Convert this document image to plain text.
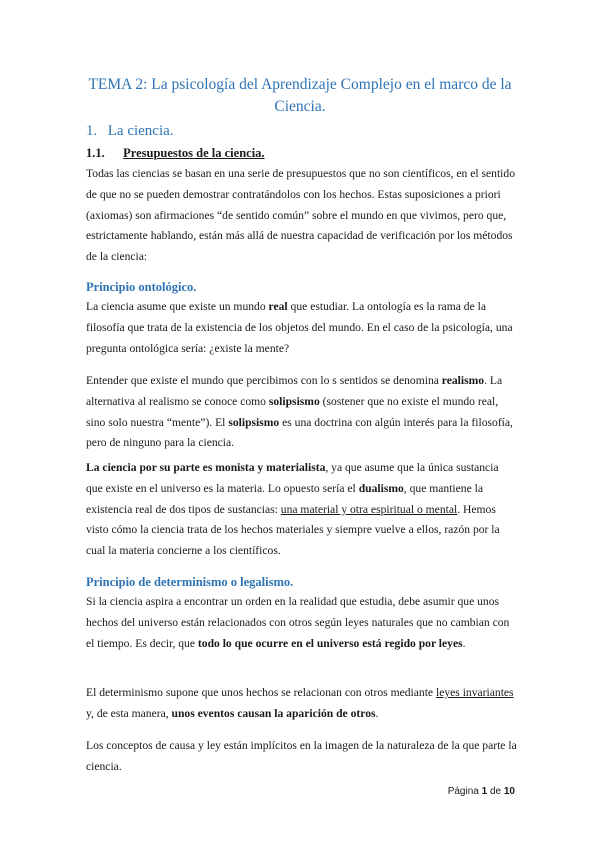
TEMA 2: La psicología del Aprendizaje Complejo en el marco de la Ciencia.
1. La ciencia.
1.1. Presupuestos de la ciencia.
Todas las ciencias se basan en una serie de presupuestos que no son científicos, en el sentido de que no se pueden demostrar contratándolos con los hechos. Estas suposiciones a priori (axiomas) son afirmaciones “de sentido común” sobre el mundo en que vivimos, pero que, estrictamente hablando, están más allá de nuestra capacidad de verificación por los métodos de la ciencia:
Principio ontológico.
La ciencia asume que existe un mundo real que estudiar. La ontología es la rama de la filosofía que trata de la existencia de los objetos del mundo. En el caso de la psicología, una pregunta ontológica sería: ¿existe la mente?
Entender que existe el mundo que percibimos con lo s sentidos se denomina realismo. La alternativa al realismo se conoce como solipsismo (sostener que no existe el mundo real, sino solo nuestra “mente”). El solipsismo es una doctrina con algún interés para la filosofía, pero de ninguno para la ciencia.
La ciencia por su parte es monista y materialista, ya que asume que la única sustancia que existe en el universo es la materia. Lo opuesto sería el dualismo, que mantiene la existencia real de dos tipos de sustancias: una material y otra espiritual o mental. Hemos visto cómo la ciencia trata de los hechos materiales y siempre vuelve a ellos, razón por la cual la materia concierne a los científicos.
Principio de determinismo o legalismo.
Si la ciencia aspira a encontrar un orden en la realidad que estudia, debe asumir que unos hechos del universo están relacionados con otros según leyes naturales que no cambian con el tiempo. Es decir, que todo lo que ocurre en el universo está regido por leyes.
El determinismo supone que unos hechos se relacionan con otros mediante leyes invariantes y, de esta manera, unos eventos causan la aparición de otros.
Los conceptos de causa y ley están implícitos en la imagen de la naturaleza de la que parte la ciencia.
Página 1 de 10
